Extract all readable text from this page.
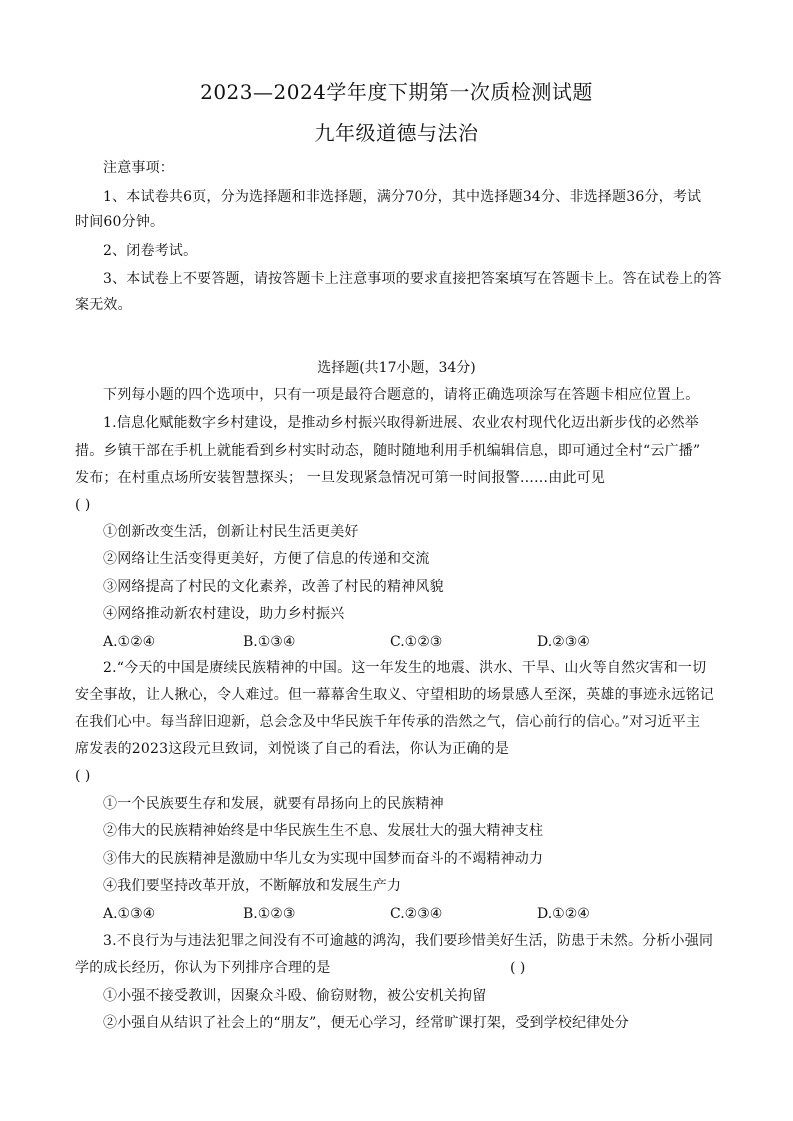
2023—2024学年度下期第一次质检测试题
九年级道德与法治
注意事项：
1、本试卷共6页，分为选择题和非选择题，满分70分，其中选择题34分、非选择题36分，考试
时间60分钟。
2、闭卷考试。
3、本试卷上不要答题，请按答题卡上注意事项的要求直接把答案填写在答题卡上。答在试卷上的答
案无效。
选择题(共17小题，34分)
下列每小题的四个选项中，只有一项是最符合题意的，请将正确选项涂写在答题卡相应位置上。
1.信息化赋能数字乡村建设，是推动乡村振兴取得新进展、农业农村现代化迈出新步伐的必然举
措。乡镇干部在手机上就能看到乡村实时动态，随时随地利用手机编辑信息，即可通过全村“云广播”
发布；在村重点场所安装智慧探头； 一旦发现紧急情况可第一时间报警……由此可见
( )
①创新改变生活，创新让村民生活更美好
②网络让生活变得更美好，方便了信息的传递和交流
③网络提高了村民的文化素养，改善了村民的精神风貌
④网络推动新农村建设，助力乡村振兴
A.①②④	B.①③④	C.①②③	D.②③④
2.“今天的中国是赓续民族精神的中国。这一年发生的地震、洪水、干旱、山火等自然灾害和一切
安全事故，让人揪心，令人难过。但一幕幕舍生取义、守望相助的场景感人至深，英雄的事迹永远铭记
在我们心中。每当辞旧迎新，总会念及中华民族千年传承的浩然之气，信心前行的信心。”对习近平主
席发表的2023这段元旦致词，刘悦谈了自己的看法，你认为正确的是
( )
①一个民族要生存和发展，就要有昂扬向上的民族精神
②伟大的民族精神始终是中华民族生生不息、发展壮大的强大精神支柱
③伟大的民族精神是激励中华儿女为实现中国梦而奋斗的不竭精神动力
④我们要坚持改革开放，不断解放和发展生产力
A.①③④	B.①②③	C.②③④	D.①②④
3.不良行为与违法犯罪之间没有不可逾越的鸿沟，我们要珍惜美好生活，防患于未然。分析小强同
学的成长经历，你认为下列排序合理的是	( )
①小强不接受教训，因聚众斗殴、偷窃财物，被公安机关拘留
②小强自从结识了社会上的“朋友”，便无心学习，经常旷课打架，受到学校纪律处分
